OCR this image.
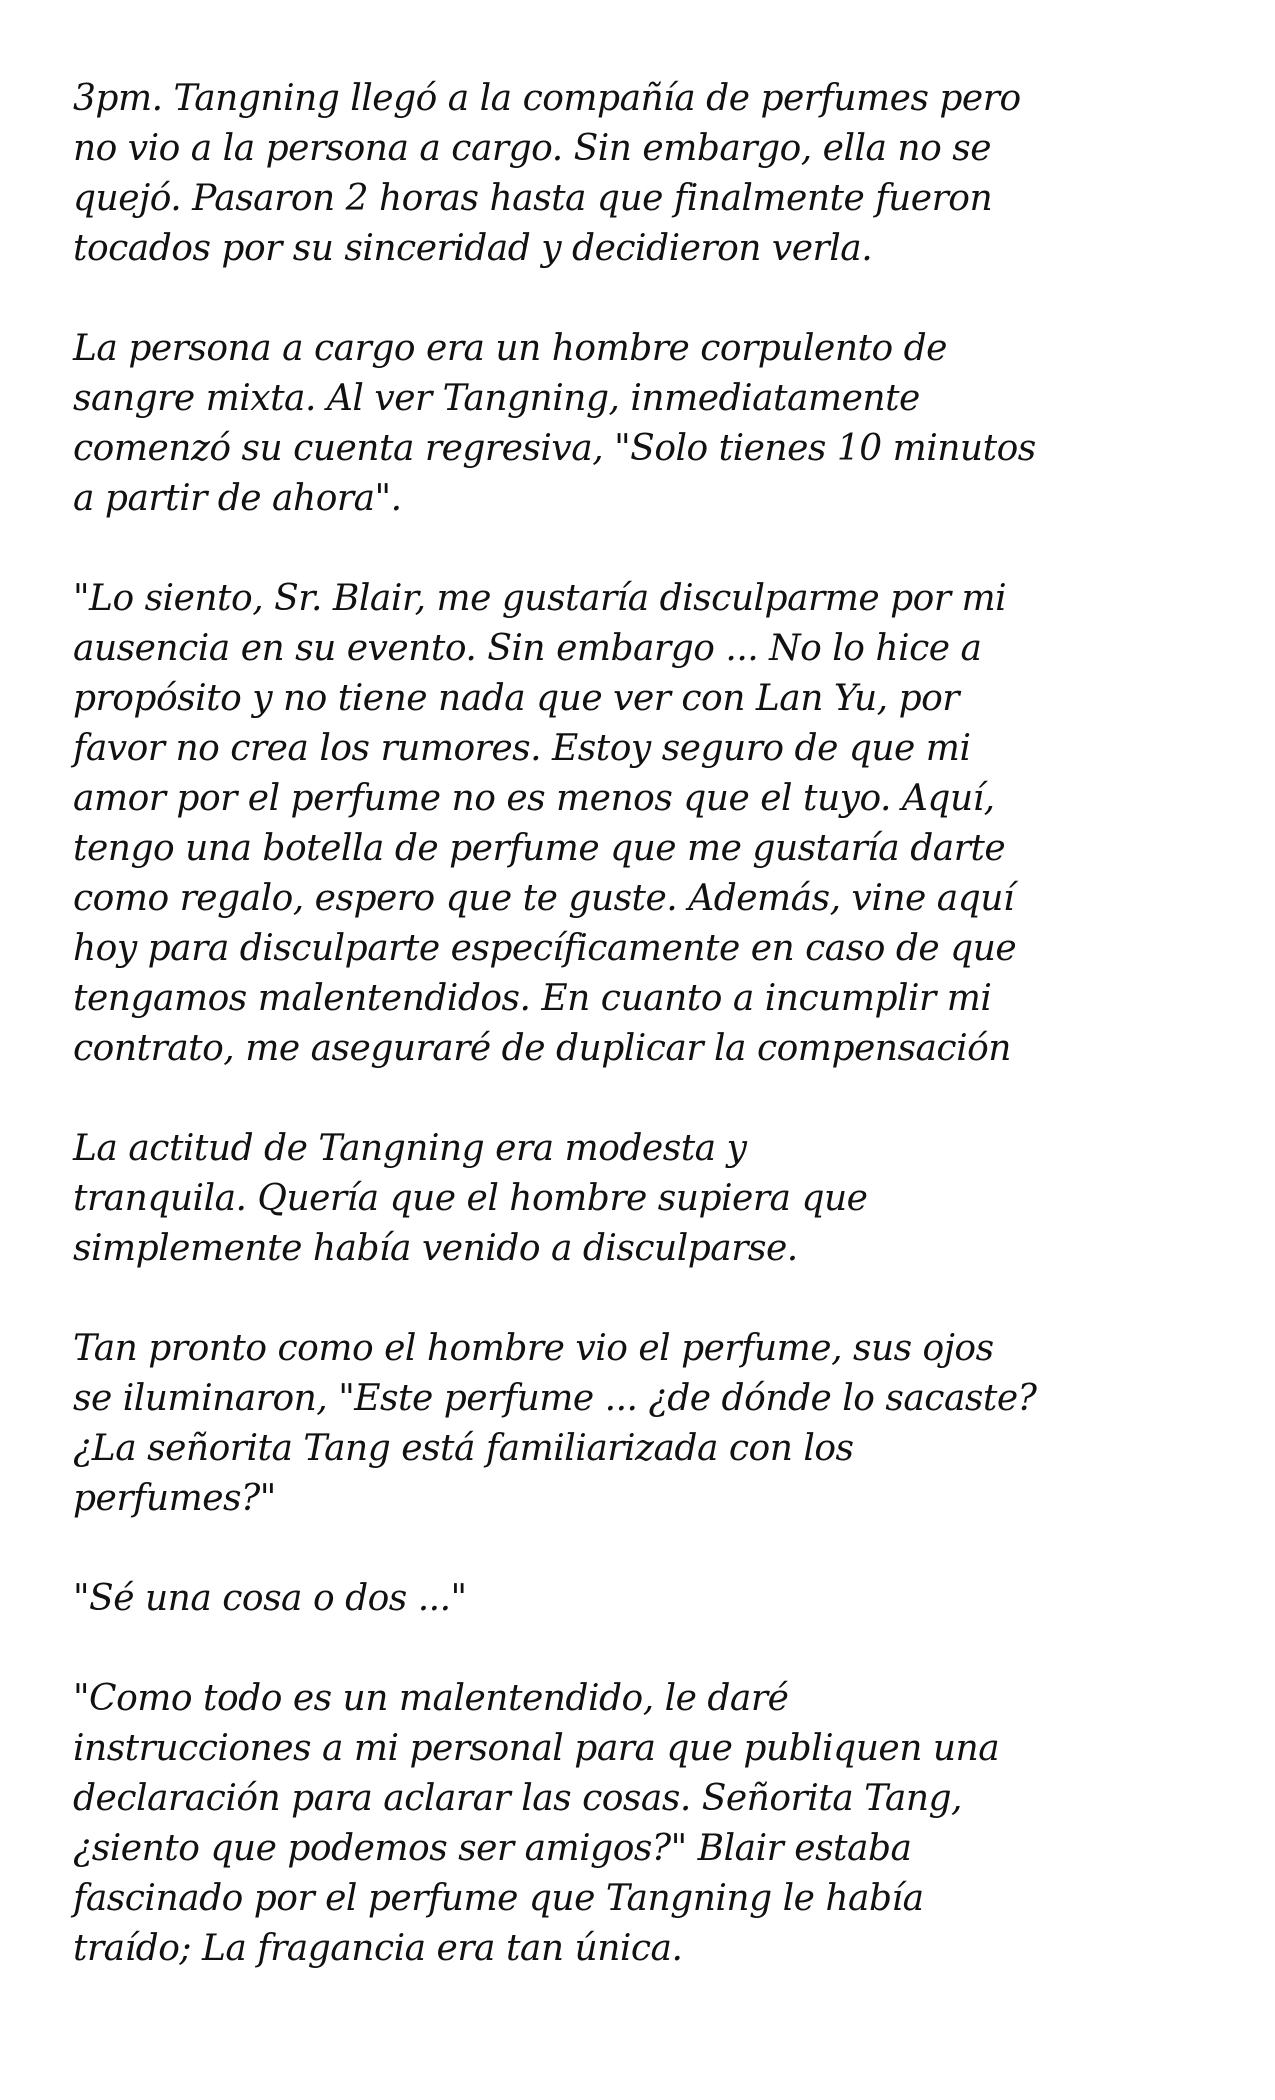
3pm. Tangning llegó a la compañía de perfumes pero
no vio a la persona a cargo. Sin embargo, ella no se
quejó. Pasaron 2 horas hasta que finalmente fueron
tocados por su sinceridad y decidieron verla.

La persona a cargo era un hombre corpulento de
sangre mixta. Al ver Tangning, inmediatamente
comenzó su cuenta regresiva, "Solo tienes 10 minutos
a partir de ahora".

"Lo siento, Sr. Blair, me gustaría disculparme por mi
ausencia en su evento. Sin embargo ... No lo hice a
propósito y no tiene nada que ver con Lan Yu, por
favor no crea los rumores. Estoy seguro de que mi
amor por el perfume no es menos que el tuyo. Aquí,
tengo una botella de perfume que me gustaría darte
como regalo, espero que te guste. Además, vine aquí
hoy para disculparte específicamente en caso de que
tengamos malentendidos. En cuanto a incumplir mi
contrato, me aseguraré de duplicar la compensación

La actitud de Tangning era modesta y
tranquila. Quería que el hombre supiera que
simplemente había venido a disculparse.

Tan pronto como el hombre vio el perfume, sus ojos
se iluminaron, "Este perfume ... ¿de dónde lo sacaste?
¿La señorita Tang está familiarizada con los
perfumes?"

"Sé una cosa o dos ..."

"Como todo es un malentendido, le daré
instrucciones a mi personal para que publiquen una
declaración para aclarar las cosas. Señorita Tang,
¿siento que podemos ser amigos?" Blair estaba
fascinado por el perfume que Tangning le había
traído; La fragancia era tan única.
